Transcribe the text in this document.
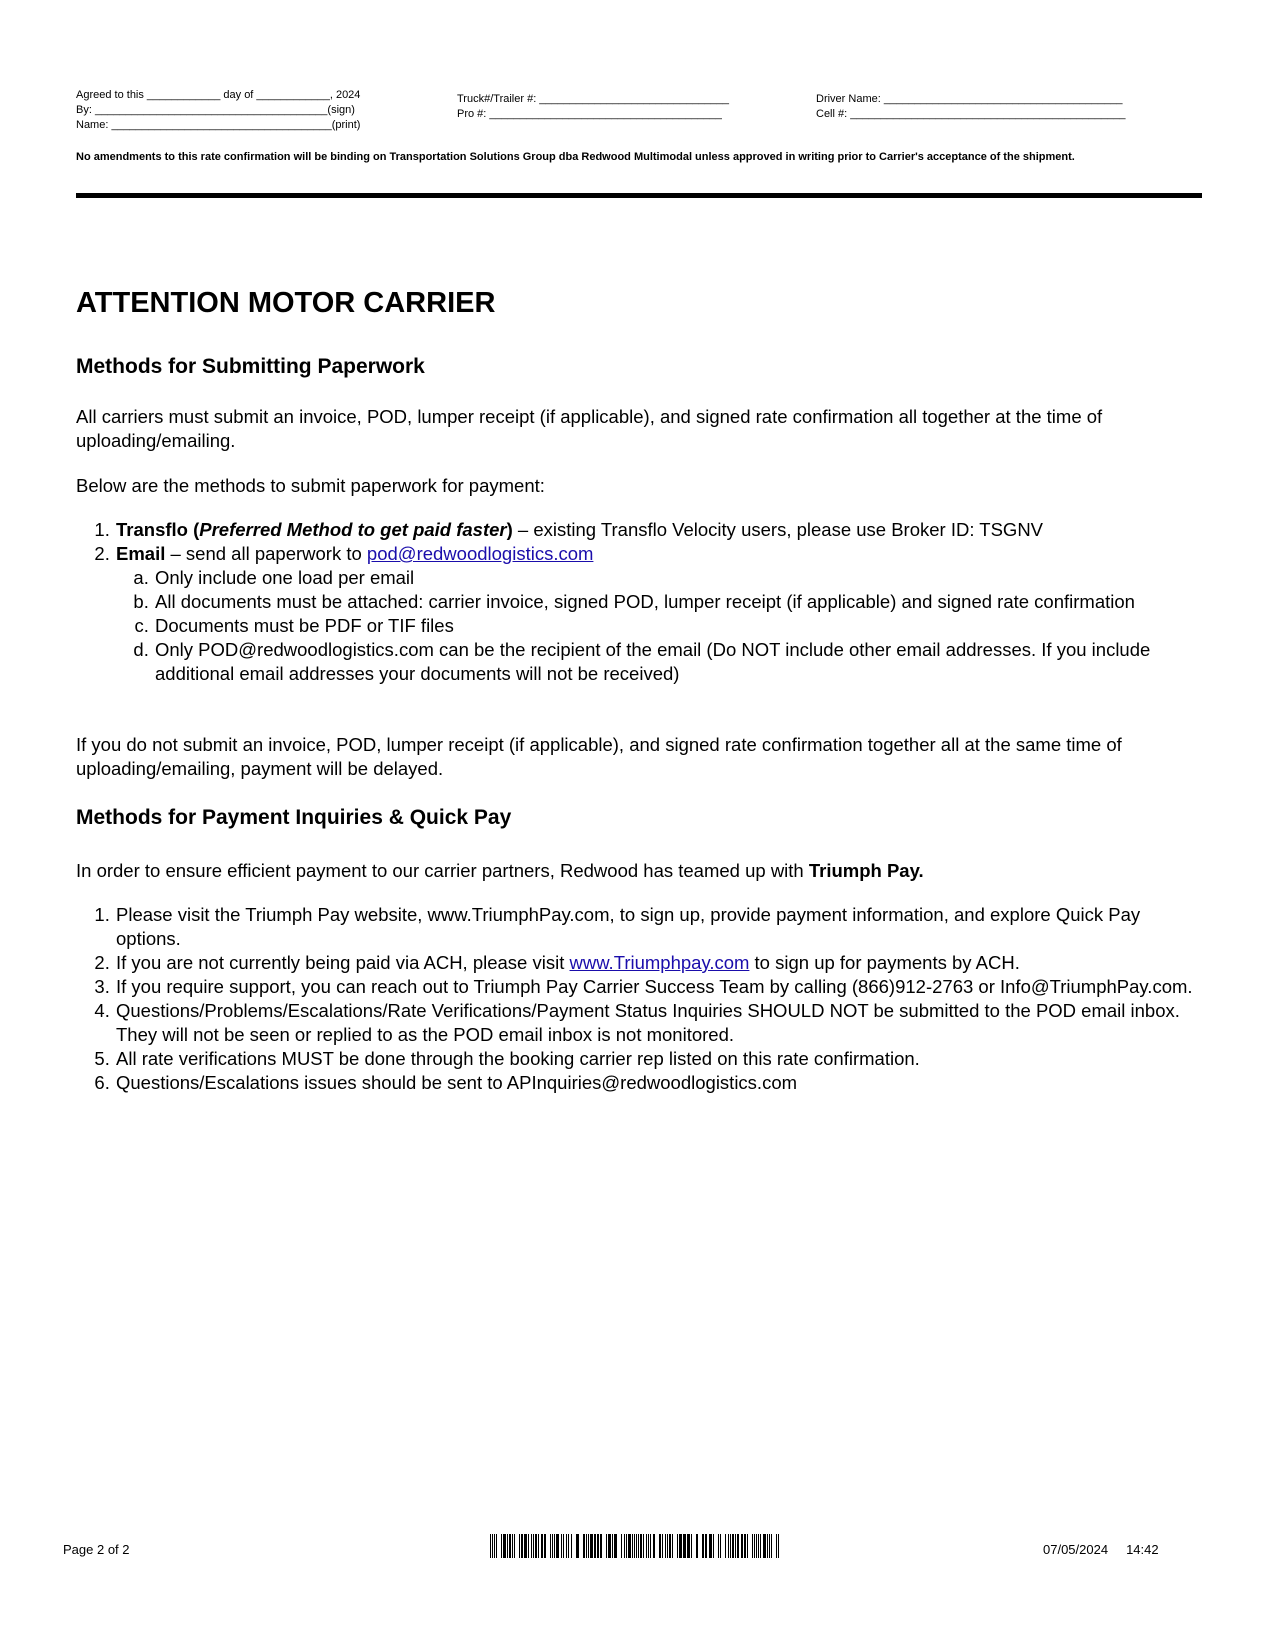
Agreed to this ____________ day of ____________, 2024
By: ______________________________________(sign)
Name: ____________________________________(print)
Truck#/Trailer #: _______________________________
Pro #: ______________________________________
Driver Name: _______________________________________
Cell #: _____________________________________________
No amendments to this rate confirmation will be binding on Transportation Solutions Group dba Redwood Multimodal unless approved in writing prior to Carrier's acceptance of the shipment.
ATTENTION MOTOR CARRIER
Methods for Submitting Paperwork

All carriers must submit an invoice, POD, lumper receipt (if applicable), and signed rate confirmation all together at the time of uploading/emailing.

Below are the methods to submit paperwork for payment:

1. Transflo (Preferred Method to get paid faster) – existing Transflo Velocity users, please use Broker ID: TSGNV
2. Email – send all paperwork to pod@redwoodlogistics.com
a. Only include one load per email
b. All documents must be attached: carrier invoice, signed POD, lumper receipt (if applicable) and signed rate confirmation
c. Documents must be PDF or TIF files
d. Only POD@redwoodlogistics.com can be the recipient of the email (Do NOT include other email addresses. If you include additional email addresses your documents will not be received)

If you do not submit an invoice, POD, lumper receipt (if applicable), and signed rate confirmation together all at the same time of uploading/emailing, payment will be delayed.

Methods for Payment Inquiries & Quick Pay

In order to ensure efficient payment to our carrier partners, Redwood has teamed up with Triumph Pay.

1. Please visit the Triumph Pay website, www.TriumphPay.com, to sign up, provide payment information, and explore Quick Pay options.
2. If you are not currently being paid via ACH, please visit www.Triumphpay.com to sign up for payments by ACH.
3. If you require support, you can reach out to Triumph Pay Carrier Success Team by calling (866)912-2763 or Info@TriumphPay.com.
4. Questions/Problems/Escalations/Rate Verifications/Payment Status Inquiries SHOULD NOT be submitted to the POD email inbox. They will not be seen or replied to as the POD email inbox is not monitored.
5. All rate verifications MUST be done through the booking carrier rep listed on this rate confirmation.
6. Questions/Escalations issues should be sent to APInquiries@redwoodlogistics.com
Page 2 of 2	07/05/2024 14:42
